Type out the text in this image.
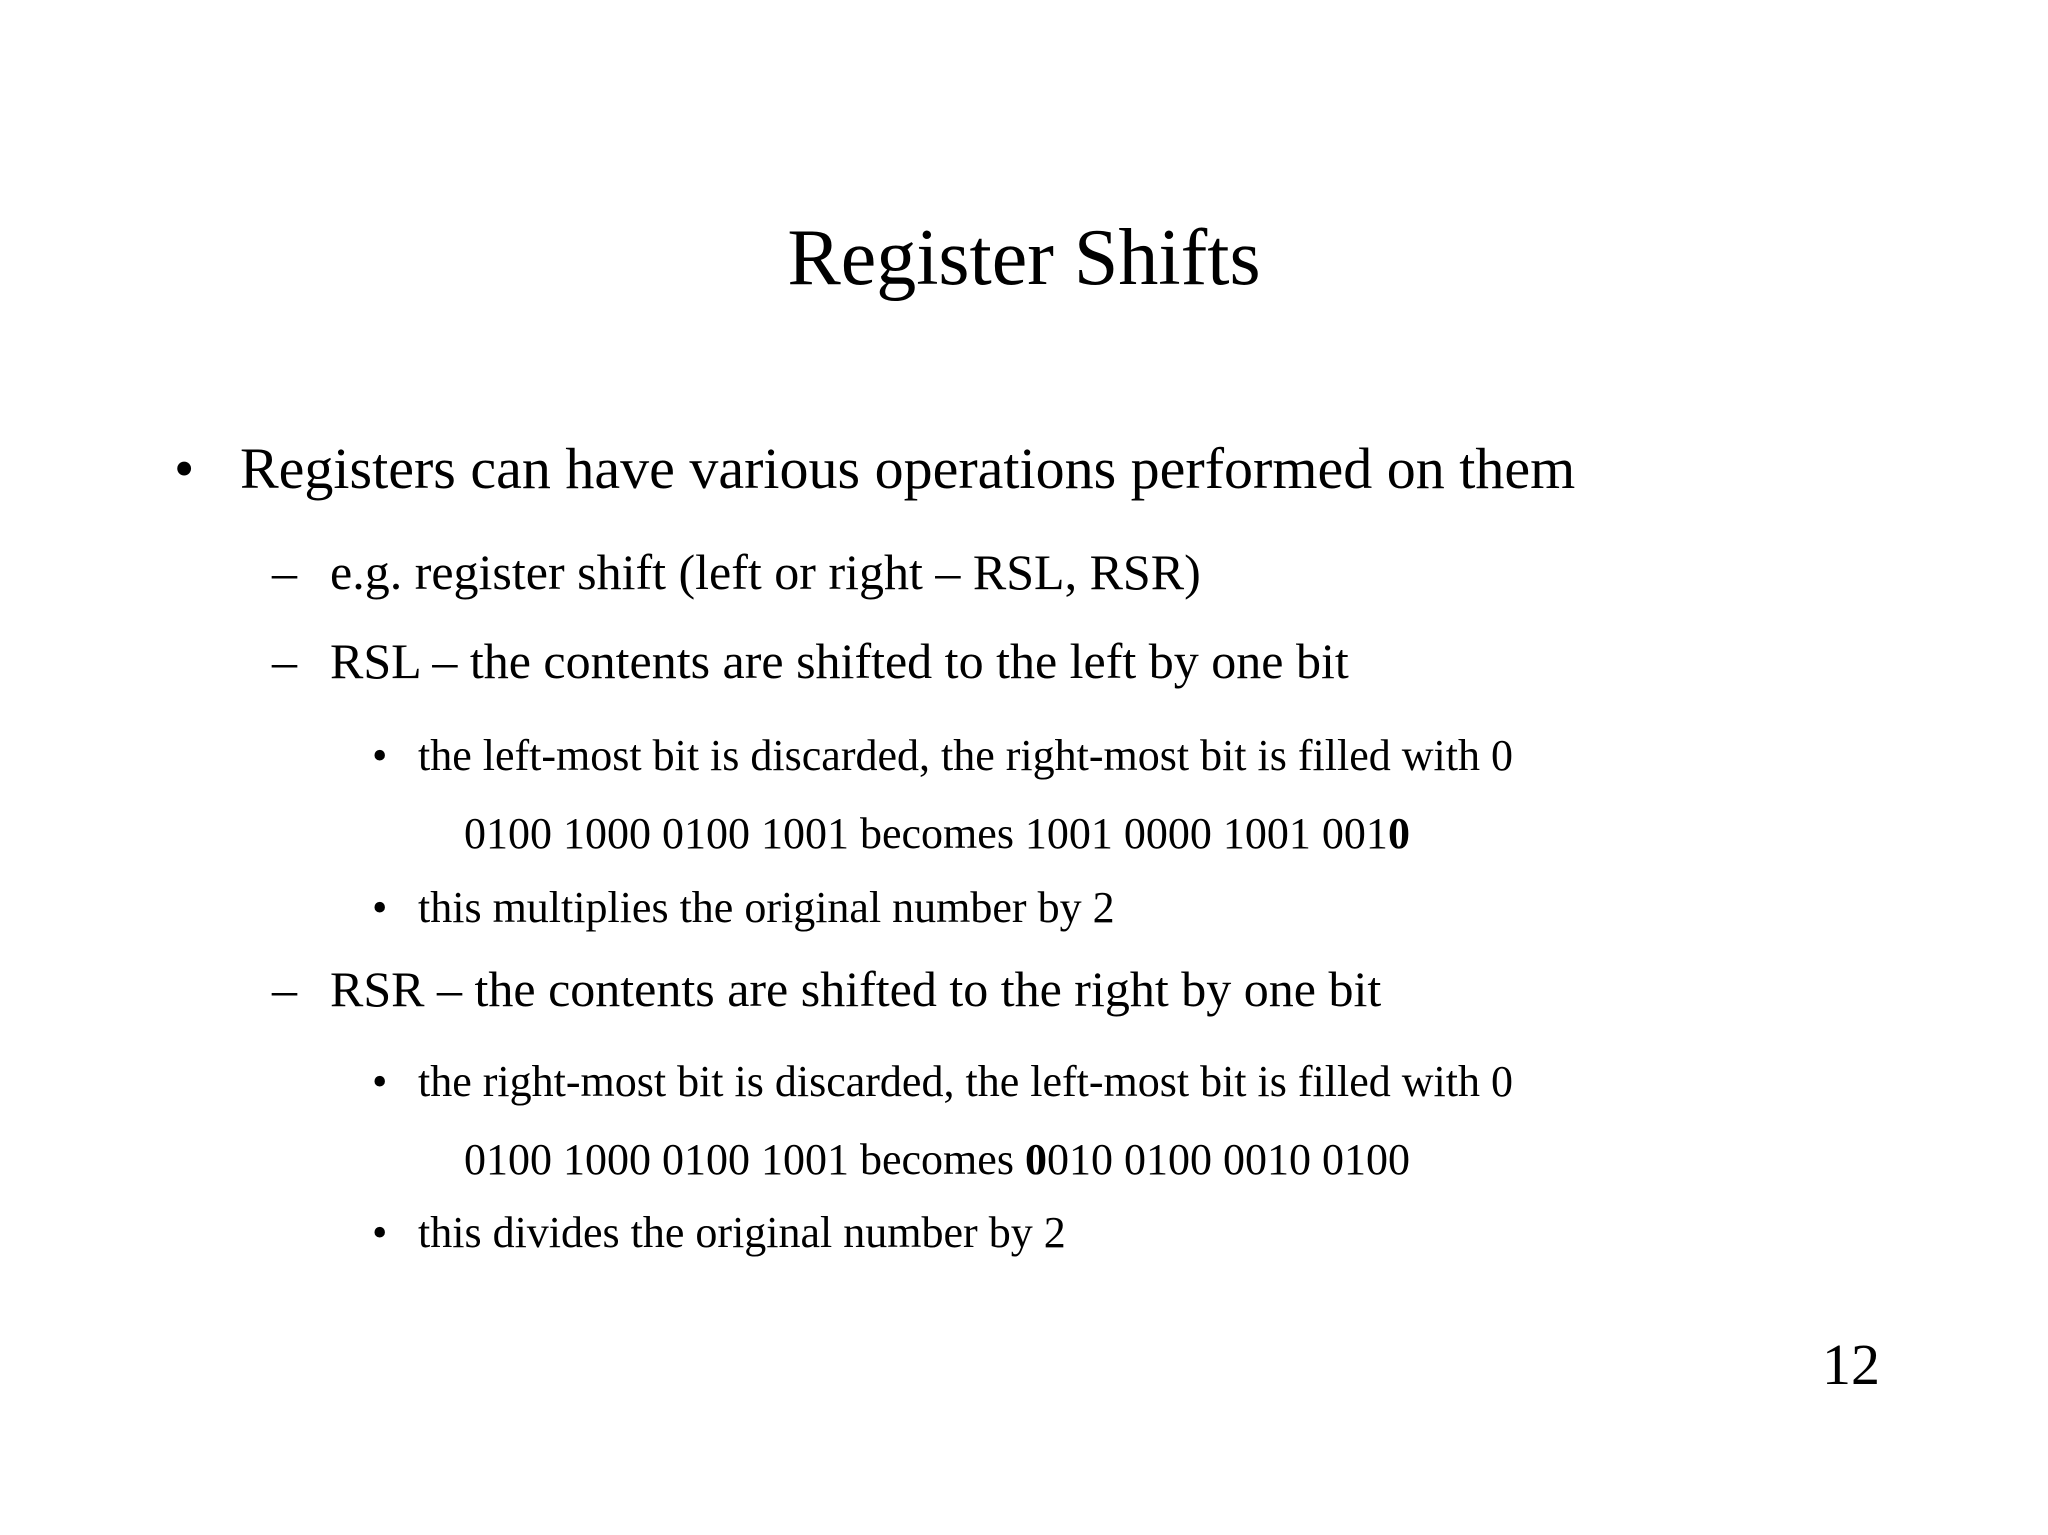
Register Shifts
• Registers can have various operations performed on them
– e.g. register shift (left or right – RSL, RSR)
– RSL – the contents are shifted to the left by one bit
• the left-most bit is discarded, the right-most bit is filled with 0
0100 1000 0100 1001 becomes 1001 0000 1001 0010
• this multiplies the original number by 2
– RSR – the contents are shifted to the right by one bit
• the right-most bit is discarded, the left-most bit is filled with 0
0100 1000 0100 1001 becomes 0010 0100 0010 0100
• this divides the original number by 2
12
